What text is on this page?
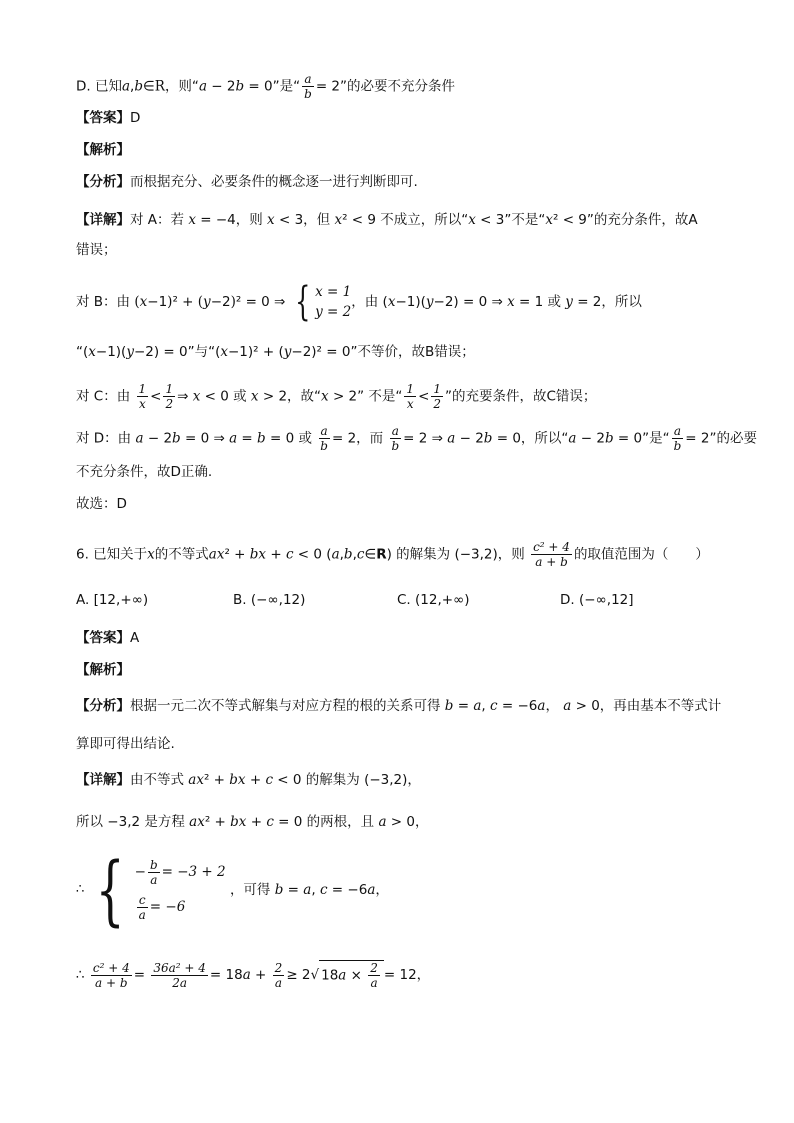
D. 已知a,b∈R，则“a − 2b = 0”是“ $\frac{a}{b} = 2$”的必要不充分条件
【答案】D
【解析】
【分析】而根据充分、必要条件的概念逐一进行判断即可.
【详解】对 A：若 x = −4，则 x < 3，但 x² < 9 不成立，所以“x < 3”不是“x² < 9”的充分条件，故A
错误；
对 B：由 (x−1)² + (y−2)² = 0 ⇒ { x = 1
y = 2
，由 (x−1)(y−2) = 0 ⇒ x = 1 或 y = 2，所以
“(x−1)(y−2) = 0”与“(x−1)² + (y−2)² = 0”不等价，故B错误；
对 C：由 $\frac{1}{x} < \frac{1}{2}$ ⇒ x < 0 或 x > 2，故“x > 2” 不是“ $\frac{1}{x} < \frac{1}{2}$ ”的充要条件，故C错误；
对 D：由 a − 2b = 0 ⇒ a = b = 0 或 $\frac{a}{b} = 2$，而 $\frac{a}{b} = 2$ ⇒ a − 2b = 0，所以“a − 2b = 0”是“ $\frac{a}{b} = 2$”的必要
不充分条件，故D正确.
故选：D
6. 已知关于x的不等式ax² + bx + c < 0 (a,b,c∈R) 的解集为 (−3,2)，则 $\frac{\text{c² + 4}}{a + b}$ 的取值范围为（　　）
A. [12,+∞)	B. (−∞,12)	C. (12,+∞)	D. (−∞,12]
【答案】A
【解析】
【分析】根据一元二次不等式解集与对应方程的根的关系可得 b = a, c = −6a， a > 0，再由基本不等式计
算即可得出结论.
【详解】由不等式 ax² + bx + c < 0 的解集为 (−3,2)，
所以 −3,2 是方程 ax² + bx + c = 0 的两根，且 a > 0，
∴ { − $\frac{b}{a} = -3 + 2$
$\frac{c}{a} = -6$
，可得 b = a, c = −6a，
∴ $\frac{\text{c² + 4}}{a + b} = \frac{\text{36a² + 4}}{2a} = 18a + \frac{2}{a} \ge 2√$ $18a \times \frac{2}{a} = 12$，
